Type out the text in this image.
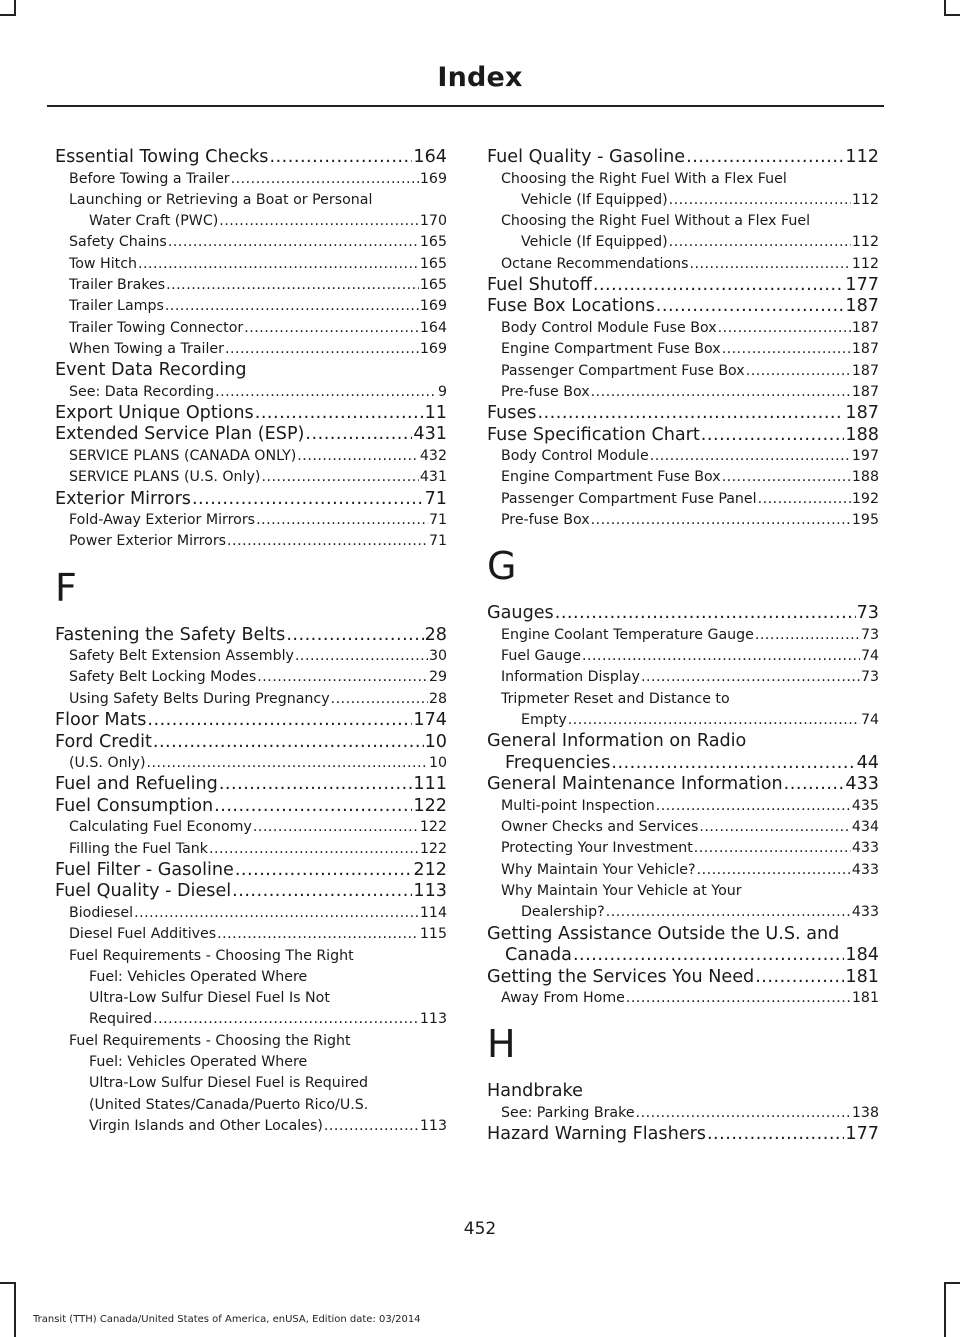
Index
Essential Towing Checks .....	164
Before Towing a Trailer .....	169
Launching or Retrieving a Boat or Personal
Water Craft (PWC) .....	170
Safety Chains .....	165
Tow Hitch .....	165
Trailer Brakes .....	165
Trailer Lamps .....	169
Trailer Towing Connector .....	164
When Towing a Trailer .....	169
Event Data Recording
See: Data Recording .....	9
Export Unique Options .....	11
Extended Service Plan (ESP) .....	431
SERVICE PLANS (CANADA ONLY) .....	432
SERVICE PLANS (U.S. Only) .....	431
Exterior Mirrors .....	71
Fold-Away Exterior Mirrors .....	71
Power Exterior Mirrors .....	71
F
Fastening the Safety Belts .....	28
Safety Belt Extension Assembly .....	30
Safety Belt Locking Modes .....	29
Using Safety Belts During Pregnancy .....	28
Floor Mats .....	174
Ford Credit .....	10
(U.S. Only) .....	10
Fuel and Refueling .....	111
Fuel Consumption .....	122
Calculating Fuel Economy .....	122
Filling the Fuel Tank .....	122
Fuel Filter - Gasoline .....	212
Fuel Quality - Diesel .....	113
Biodiesel .....	114
Diesel Fuel Additives .....	115
Fuel Requirements - Choosing The Right
Fuel: Vehicles Operated Where
Ultra-Low Sulfur Diesel Fuel Is Not
Required .....	113
Fuel Requirements - Choosing the Right
Fuel: Vehicles Operated Where
Ultra-Low Sulfur Diesel Fuel is Required
(United States/Canada/Puerto Rico/U.S.
Virgin Islands and Other Locales) .....	113
Fuel Quality - Gasoline .....	112
Choosing the Right Fuel With a Flex Fuel
Vehicle (If Equipped) .....	112
Choosing the Right Fuel Without a Flex Fuel
Vehicle (If Equipped) .....	112
Octane Recommendations .....	112
Fuel Shutoff .....	177
Fuse Box Locations .....	187
Body Control Module Fuse Box .....	187
Engine Compartment Fuse Box .....	187
Passenger Compartment Fuse Box .....	187
Pre-fuse Box .....	187
Fuses .....	187
Fuse Specification Chart .....	188
Body Control Module .....	197
Engine Compartment Fuse Box .....	188
Passenger Compartment Fuse Panel .....	192
Pre-fuse Box .....	195
G
Gauges .....	73
Engine Coolant Temperature Gauge .....	73
Fuel Gauge .....	74
Information Display .....	73
Tripmeter Reset and Distance to
Empty .....	74
General Information on Radio
Frequencies .....	44
General Maintenance Information .....	433
Multi-point Inspection .....	435
Owner Checks and Services .....	434
Protecting Your Investment .....	433
Why Maintain Your Vehicle? .....	433
Why Maintain Your Vehicle at Your
Dealership? .....	433
Getting Assistance Outside the U.S. and
Canada .....	184
Getting the Services You Need .....	181
Away From Home .....	181
H
Handbrake
See: Parking Brake .....	138
Hazard Warning Flashers .....	177
452
Transit (TTH) Canada/United States of America, enUSA, Edition date: 03/2014
